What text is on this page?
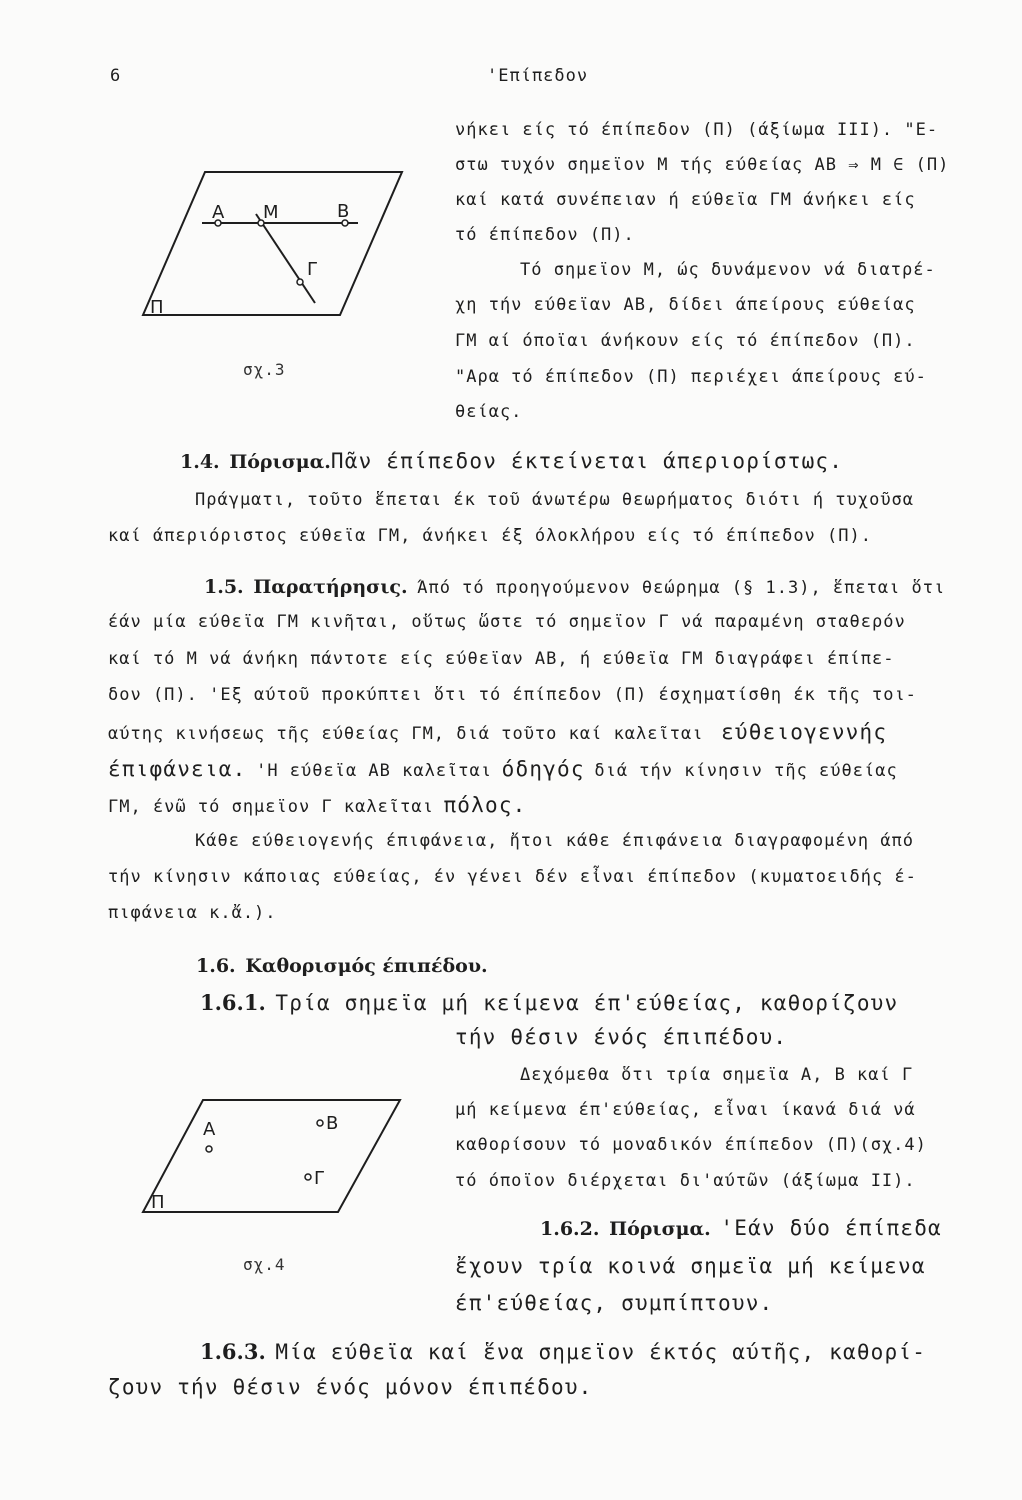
6	'Επίπεδον
Α Μ	Β
Γ
Π
σχ.3
νήκει είς τό έπίπεδον (Π) (άξίωμα III). "Ε-
στω τυχόν σημεϊον Μ τής εύθείας ΑΒ ⇒ Μ ∈ (Π)
καί κατά συνέπειαν ή εύθεϊα ΓΜ άνήκει είς
τό έπίπεδον (Π).
Τό σημεϊον Μ, ώς δυνάμενον νά διατρέ-
χη τήν εύθεϊαν ΑΒ, δίδει άπείρους εύθείας
ΓΜ αί όποϊαι άνήκουν είς τό έπίπεδον (Π).
"Αρα τό έπίπεδον (Π) περιέχει άπείρους εύ-
θείας.
1.4. Πόρισμα.Πᾶν έπίπεδον έκτείνεται άπεριορίστως.
Πράγματι, τοῦτο ἕπεται έκ τοῦ άνωτέρω θεωρήματος διότι ή τυχοῦσα
καί άπεριόριστος εύθεϊα ΓΜ, άνήκει έξ όλοκλήρου είς τό έπίπεδον (Π).
1.5. Παρατήρησις. Άπό τό προηγούμενον θεώρημα (§ 1.3), ἕπεται ὅτι
έάν μία εύθεϊα ΓΜ κινῆται, οὕτως ὥστε τό σημεϊον Γ νά παραμένη σταθερόν
καί τό Μ νά άνήκη πάντοτε είς εύθεϊαν ΑΒ, ή εύθεϊα ΓΜ διαγράφει έπίπε-
δον (Π). 'Εξ αύτοῦ προκύπτει ὅτι τό έπίπεδον (Π) έσχηματίσθη έκ τῆς τοι-
αύτης κινήσεως τῆς εύθείας ΓΜ, διά τοῦτο καί καλεῖται εύθειογεννής
έπιφάνεια. 'Η εύθεϊα ΑΒ καλεῖται όδηγός διά τήν κίνησιν τῆς εύθείας
ΓΜ, ένῶ τό σημεϊον Γ καλεῖται πόλος.
Κάθε εύθειογενής έπιφάνεια, ἤτοι κάθε έπιφάνεια διαγραφομένη άπό
τήν κίνησιν κάποιας εύθείας, έν γένει δέν εἶναι έπίπεδον (κυματοειδής έ-
πιφάνεια κ.ἄ.).
1.6. Καθορισμός έπιπέδου.
1.6.1. Τρία σημεϊα μή κείμενα έπ'εύθείας, καθορίζουν
τήν θέσιν ένός έπιπέδου.
Δεχόμεθα ὅτι τρία σημεϊα Α, Β καί Γ
μή κείμενα έπ'εύθείας, εἶναι ίκανά διά νά
καθορίσουν τό μοναδικόν έπίπεδον (Π)(σχ.4)
τό όποϊον διέρχεται δι'αύτῶν (άξίωμα II).
Α	Β
Γ
Π
σχ.4
1.6.2. Πόρισμα. 'Εάν δύο έπίπεδα
ἔχουν τρία κοινά σημεϊα μή κείμενα
έπ'εύθείας, συμπίπτουν.
1.6.3. Μία εύθεϊα καί ἕνα σημεϊον έκτός αύτῆς, καθορί-
ζουν τήν θέσιν ένός μόνον έπιπέδου.
